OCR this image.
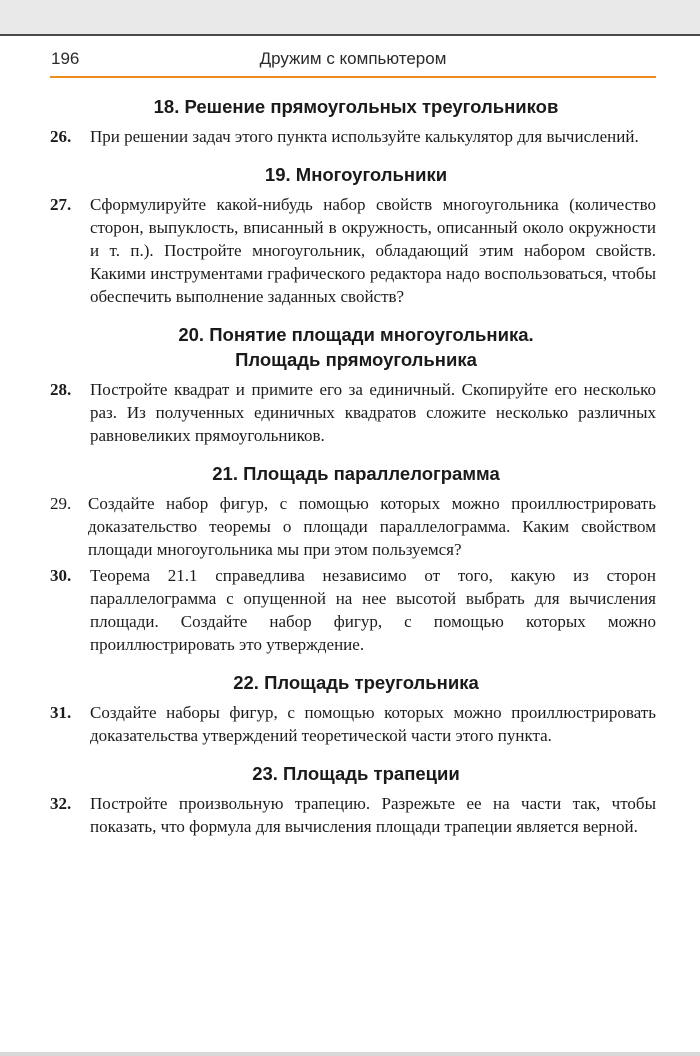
196	Дружим с компьютером
18. Решение прямоугольных треугольников

26. При решении задач этого пункта используйте калькулятор для вычислений.

19. Многоугольники

27. Сформулируйте какой-нибудь набор свойств многоугольника (количество сторон, выпуклость, вписанный в окружность, описанный около окружности и т. п.). Постройте многоугольник, обладающий этим набором свойств. Какими инструментами графического редактора надо воспользоваться, чтобы обеспечить выполнение заданных свойств?

20. Понятие площади многоугольника.
Площадь прямоугольника

28. Постройте квадрат и примите его за единичный. Скопируйте его несколько раз. Из полученных единичных квадратов сложите несколько различных равновеликих прямоугольников.

21. Площадь параллелограмма

29. Создайте набор фигур, с помощью которых можно проиллюстрировать доказательство теоремы о площади параллелограмма. Каким свойством площади многоугольника мы при этом пользуемся?

30. Теорема 21.1 справедлива независимо от того, какую из сторон параллелограмма с опущенной на нее высотой выбрать для вычисления площади. Создайте набор фигур, с помощью которых можно проиллюстрировать это утверждение.

22. Площадь треугольника

31. Создайте наборы фигур, с помощью которых можно проиллюстрировать доказательства утверждений теоретической части этого пункта.

23. Площадь трапеции

32. Постройте произвольную трапецию. Разрежьте ее на части так, чтобы показать, что формула для вычисления площади трапеции является верной.
